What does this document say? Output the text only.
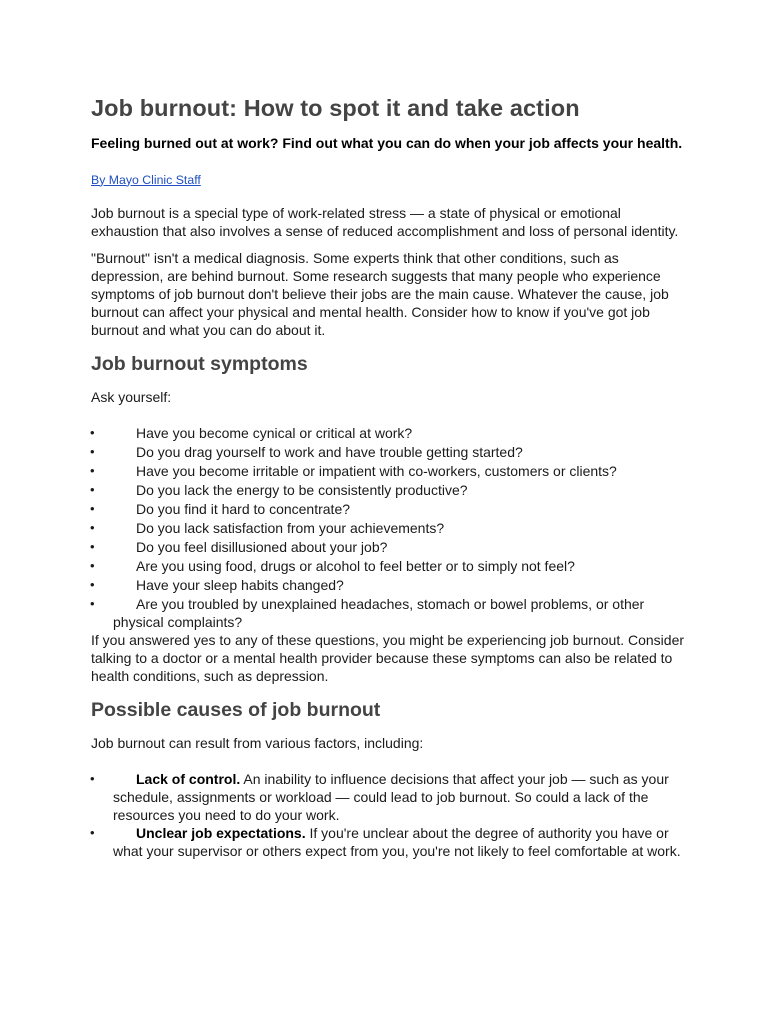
Job burnout: How to spot it and take action
Feeling burned out at work? Find out what you can do when your job affects your health.
By Mayo Clinic Staff

Job burnout is a special type of work-related stress — a state of physical or emotional exhaustion that also involves a sense of reduced accomplishment and loss of personal identity.

"Burnout" isn't a medical diagnosis. Some experts think that other conditions, such as depression, are behind burnout. Some research suggests that many people who experience symptoms of job burnout don't believe their jobs are the main cause. Whatever the cause, job burnout can affect your physical and mental health. Consider how to know if you've got job burnout and what you can do about it.

Job burnout symptoms

Ask yourself:

•	Have you become cynical or critical at work?
•	Do you drag yourself to work and have trouble getting started?
•	Have you become irritable or impatient with co-workers, customers or clients?
•	Do you lack the energy to be consistently productive?
•	Do you find it hard to concentrate?
•	Do you lack satisfaction from your achievements?
•	Do you feel disillusioned about your job?
•	Are you using food, drugs or alcohol to feel better or to simply not feel?
•	Have your sleep habits changed?
•	Are you troubled by unexplained headaches, stomach or bowel problems, or other physical complaints?

If you answered yes to any of these questions, you might be experiencing job burnout. Consider talking to a doctor or a mental health provider because these symptoms can also be related to health conditions, such as depression.

Possible causes of job burnout

Job burnout can result from various factors, including:

•	Lack of control. An inability to influence decisions that affect your job — such as your schedule, assignments or workload — could lead to job burnout. So could a lack of the resources you need to do your work.
•	Unclear job expectations. If you're unclear about the degree of authority you have or what your supervisor or others expect from you, you're not likely to feel comfortable at work.
